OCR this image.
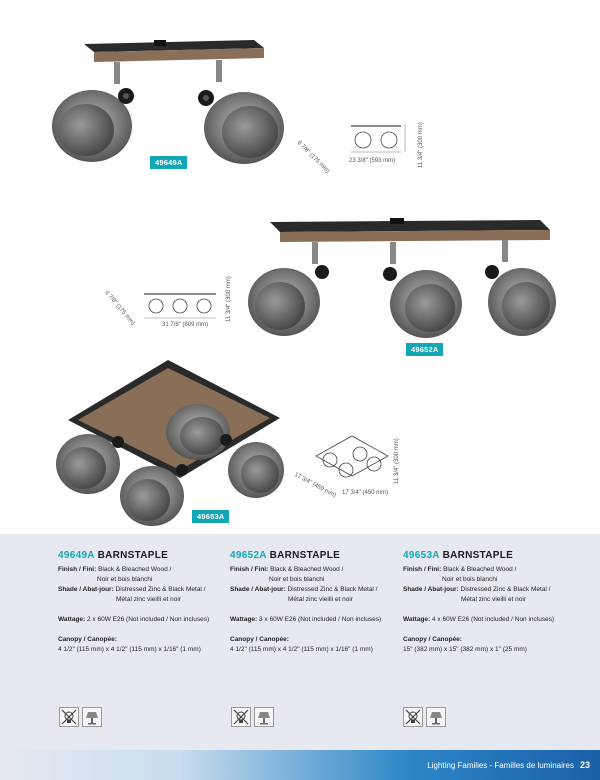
49649A	23 3/8" (593 mm)
6 7/8" (175 mm)	11 3/4" (300 mm)
49652A
31 7/8" (809 mm)
6 7/8" (175 mm)	11 3/4" (300 mm)
49653A
17 3/4" (450 mm)
17 3/4" (450 mm)
11 3/4" (300 mm)
49649A BARNSTAPLE
Finish / Fini: Black & Bleached Wood /
Noir et bois blanchi
Shade / Abat-jour: Distressed Zinc & Black Metal /
Métal zinc vieilli et noir
Wattage: 2 x 60W E26 (Not included / Non incluses)
Canopy / Canopée:
4 1/2" (115 mm) x 4 1/2" (115 mm) x 1/16" (1 mm)
49652A BARNSTAPLE
Finish / Fini: Black & Bleached Wood /
Noir et bois blanchi
Shade / Abat-jour: Distressed Zinc & Black Metal /
Métal zinc vieilli et noir
Wattage: 3 x 60W E26 (Not included / Non incluses)
Canopy / Canopée:
4 1/2" (115 mm) x 4 1/2" (115 mm) x 1/16" (1 mm)
49653A BARNSTAPLE
Finish / Fini: Black & Bleached Wood /
Noir et bois blanchi
Shade / Abat-jour: Distressed Zinc & Black Metal /
Métal zinc vieilli et noir
Wattage: 4 x 60W E26 (Not included / Non incluses)
Canopy / Canopée:
15" (382 mm) x 15" (382 mm) x 1" (25 mm)
Lighting Families - Familles de luminaires 23
